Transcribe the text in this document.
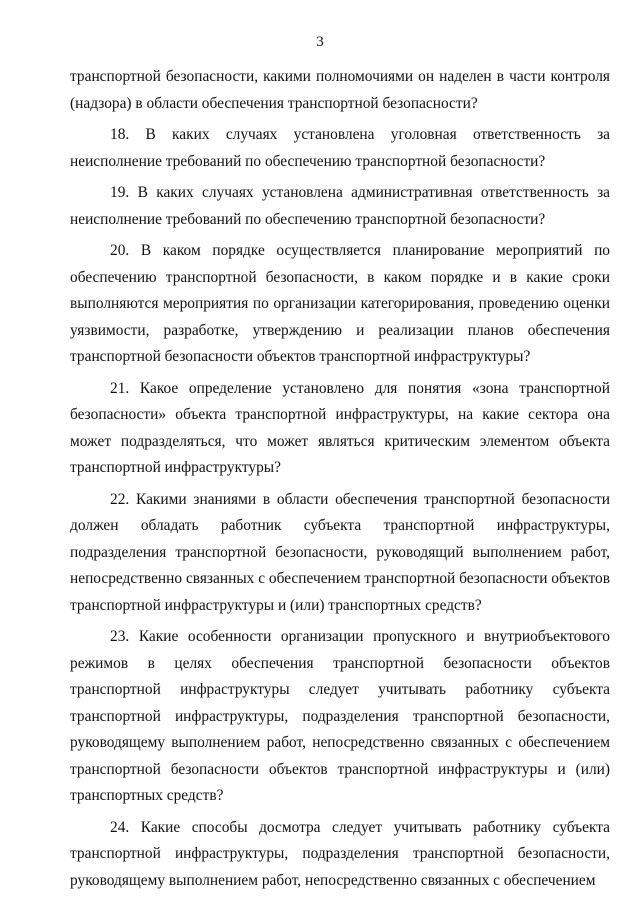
3

транспортной безопасности, какими полномочиями он наделен в части контроля (надзора) в области обеспечения транспортной безопасности?

18. В каких случаях установлена уголовная ответственность за неисполнение требований по обеспечению транспортной безопасности?

19. В каких случаях установлена административная ответственность за неисполнение требований по обеспечению транспортной безопасности?

20. В каком порядке осуществляется планирование мероприятий по обеспечению транспортной безопасности, в каком порядке и в какие сроки выполняются мероприятия по организации категорирования, проведению оценки уязвимости, разработке, утверждению и реализации планов обеспечения транспортной безопасности объектов транспортной инфраструктуры?

21. Какое определение установлено для понятия «зона транспортной безопасности» объекта транспортной инфраструктуры, на какие сектора она может подразделяться, что может являться критическим элементом объекта транспортной инфраструктуры?

22. Какими знаниями в области обеспечения транспортной безопасности должен обладать работник субъекта транспортной инфраструктуры, подразделения транспортной безопасности, руководящий выполнением работ, непосредственно связанных с обеспечением транспортной безопасности объектов транспортной инфраструктуры и (или) транспортных средств?

23. Какие особенности организации пропускного и внутриобъектового режимов в целях обеспечения транспортной безопасности объектов транспортной инфраструктуры следует учитывать работнику субъекта транспортной инфраструктуры, подразделения транспортной безопасности, руководящему выполнением работ, непосредственно связанных с обеспечением транспортной безопасности объектов транспортной инфраструктуры и (или) транспортных средств?

24. Какие способы досмотра следует учитывать работнику субъекта транспортной инфраструктуры, подразделения транспортной безопасности, руководящему выполнением работ, непосредственно связанных с обеспечением
